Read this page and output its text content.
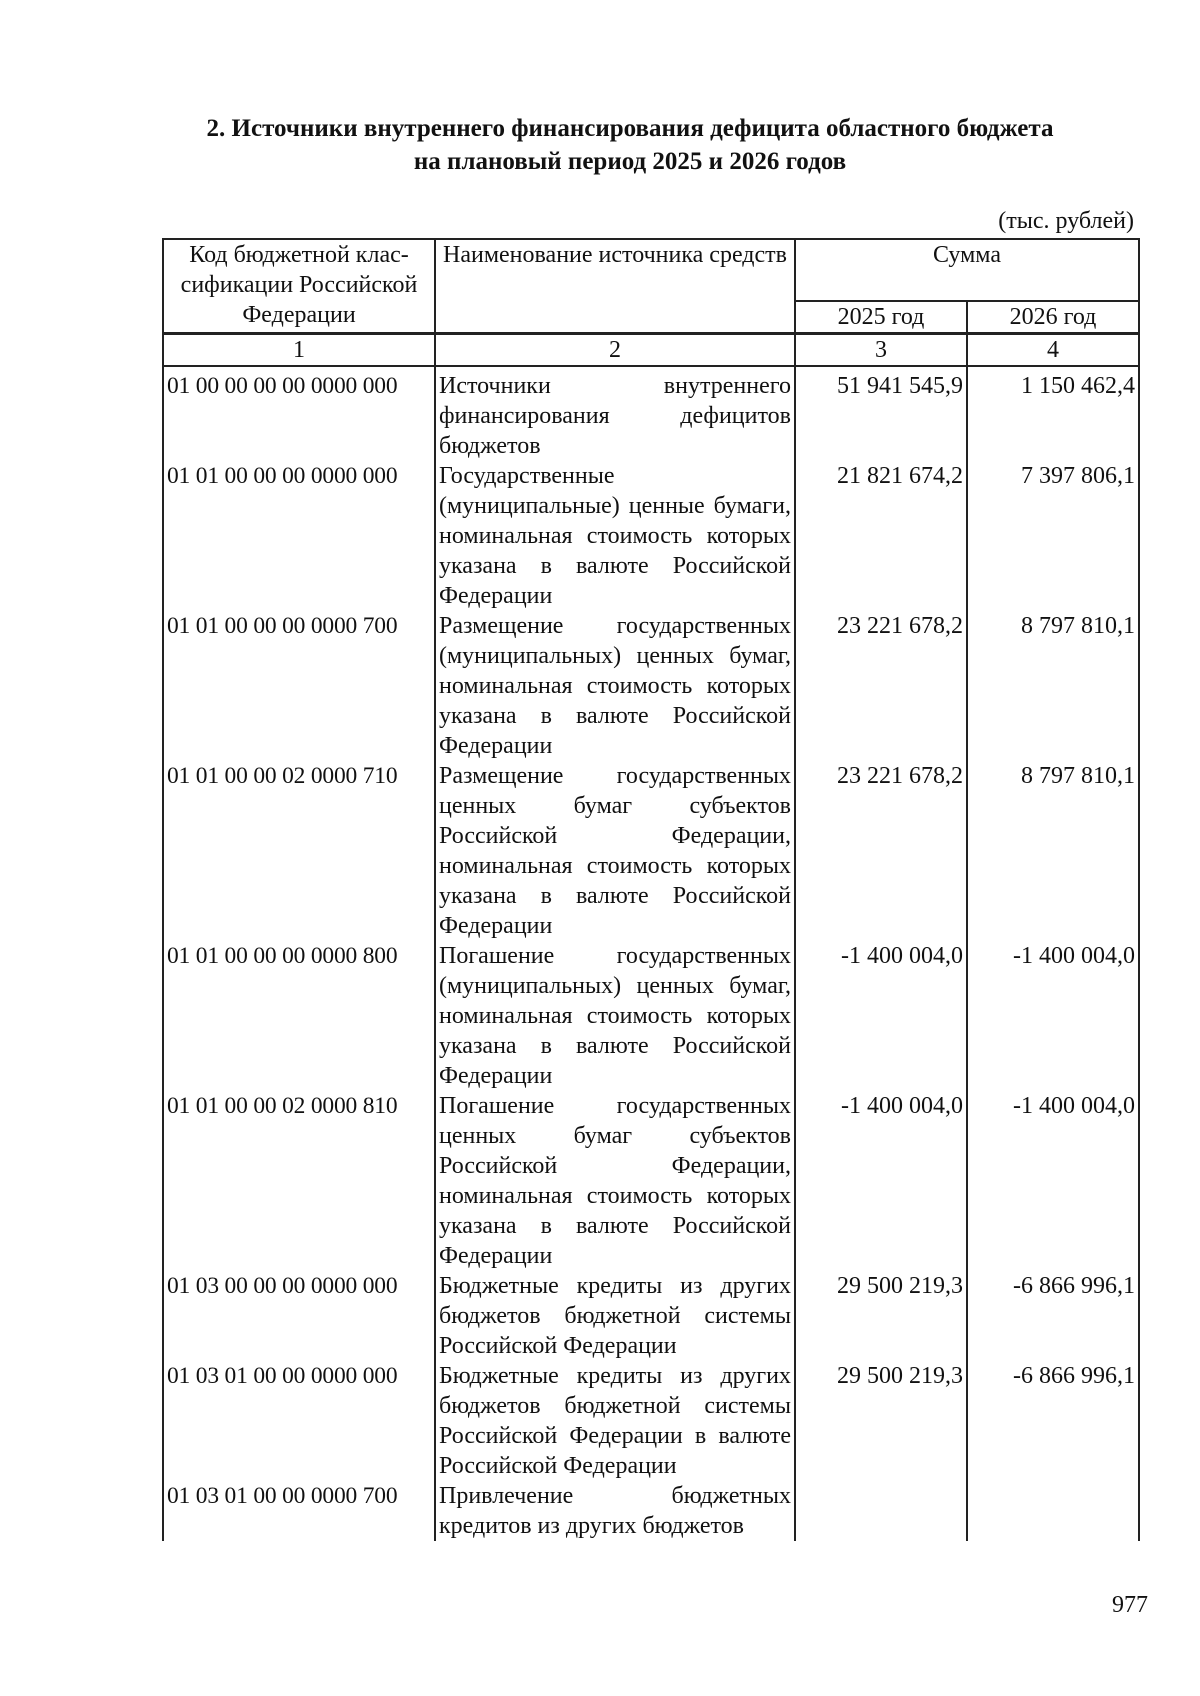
2. Источники внутреннего финансирования дефицита областного бюджета
на плановый период 2025 и 2026 годов
(тыс. рублей)
Код бюджетной клас-сификации Российской Федерации	Наименование источника средств	Сумма	
		2025 год	2026 год
1	2	3	4
01 00 00 00 00 0000 000	Источники внутреннего финансирования дефицитов бюджетов	51 941 545,9	1 150 462,4
01 01 00 00 00 0000 000	Государственные (муниципальные) ценные бумаги, номинальная стоимость которых указана в валюте Российской Федерации	21 821 674,2	7 397 806,1
01 01 00 00 00 0000 700	Размещение государственных (муниципальных) ценных бумаг, номинальная стоимость которых указана в валюте Российской Федерации	23 221 678,2	8 797 810,1
01 01 00 00 02 0000 710	Размещение государственных ценных бумаг субъектов Российской Федерации, номинальная стоимость которых указана в валюте Российской Федерации	23 221 678,2	8 797 810,1
01 01 00 00 00 0000 800	Погашение государственных (муниципальных) ценных бумаг, номинальная стоимость которых указана в валюте Российской Федерации	-1 400 004,0	-1 400 004,0
01 01 00 00 02 0000 810	Погашение государственных ценных бумаг субъектов Российской Федерации, номинальная стоимость которых указана в валюте Российской Федерации	-1 400 004,0	-1 400 004,0
01 03 00 00 00 0000 000	Бюджетные кредиты из других бюджетов бюджетной системы Российской Федерации	29 500 219,3	-6 866 996,1
01 03 01 00 00 0000 000	Бюджетные кредиты из других бюджетов бюджетной системы Российской Федерации в валюте Российской Федерации	29 500 219,3	-6 866 996,1
01 03 01 00 00 0000 700	Привлечение бюджетных кредитов из других бюджетов		
977
